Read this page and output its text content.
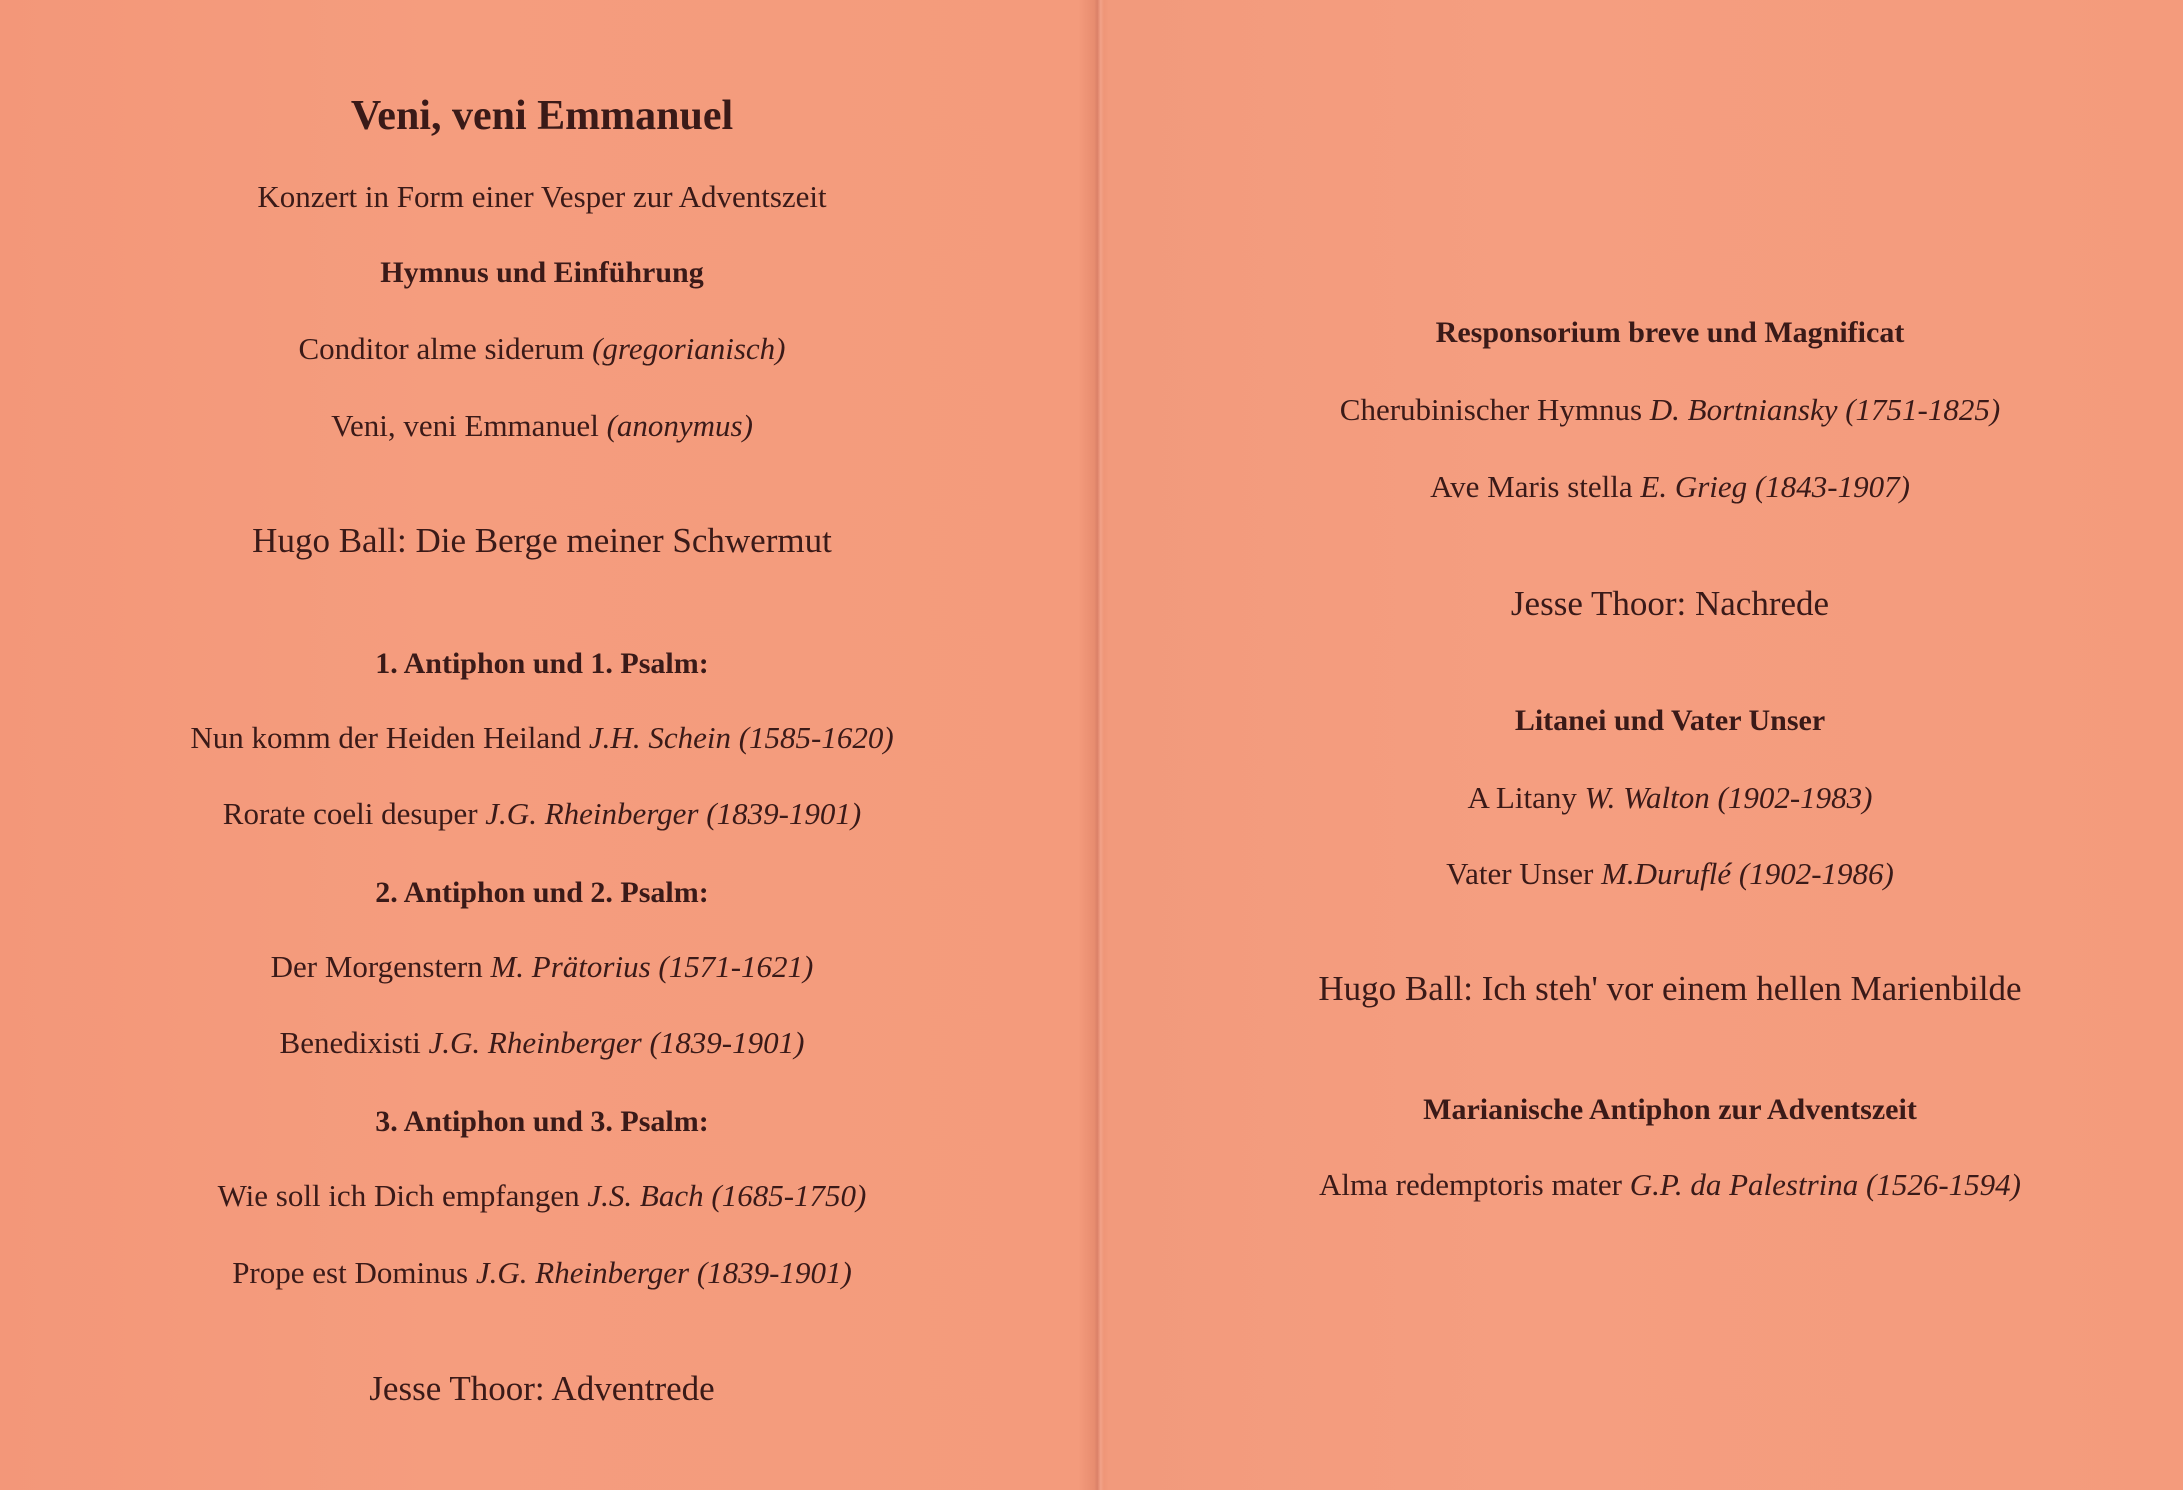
Veni, veni Emmanuel
Konzert in Form einer Vesper zur Adventszeit
Hymnus und Einführung
Conditor alme siderum (gregorianisch)
Veni, veni Emmanuel (anonymus)
Hugo Ball: Die Berge meiner Schwermut
1. Antiphon und 1. Psalm:
Nun komm der Heiden Heiland J.H. Schein (1585-1620)
Rorate coeli desuper J.G. Rheinberger (1839-1901)
2. Antiphon und 2. Psalm:
Der Morgenstern M. Prätorius (1571-1621)
Benedixisti J.G. Rheinberger (1839-1901)
3. Antiphon und 3. Psalm:
Wie soll ich Dich empfangen J.S. Bach (1685-1750)
Prope est Dominus J.G. Rheinberger (1839-1901)
Jesse Thoor: Adventrede
Responsorium breve und Magnificat
Cherubinischer Hymnus D. Bortniansky (1751-1825)
Ave Maris stella E. Grieg (1843-1907)
Jesse Thoor: Nachrede
Litanei und Vater Unser
A Litany W. Walton (1902-1983)
Vater Unser M.Duruflé (1902-1986)
Hugo Ball: Ich steh' vor einem hellen Marienbilde
Marianische Antiphon zur Adventszeit
Alma redemptoris mater G.P. da Palestrina (1526-1594)
